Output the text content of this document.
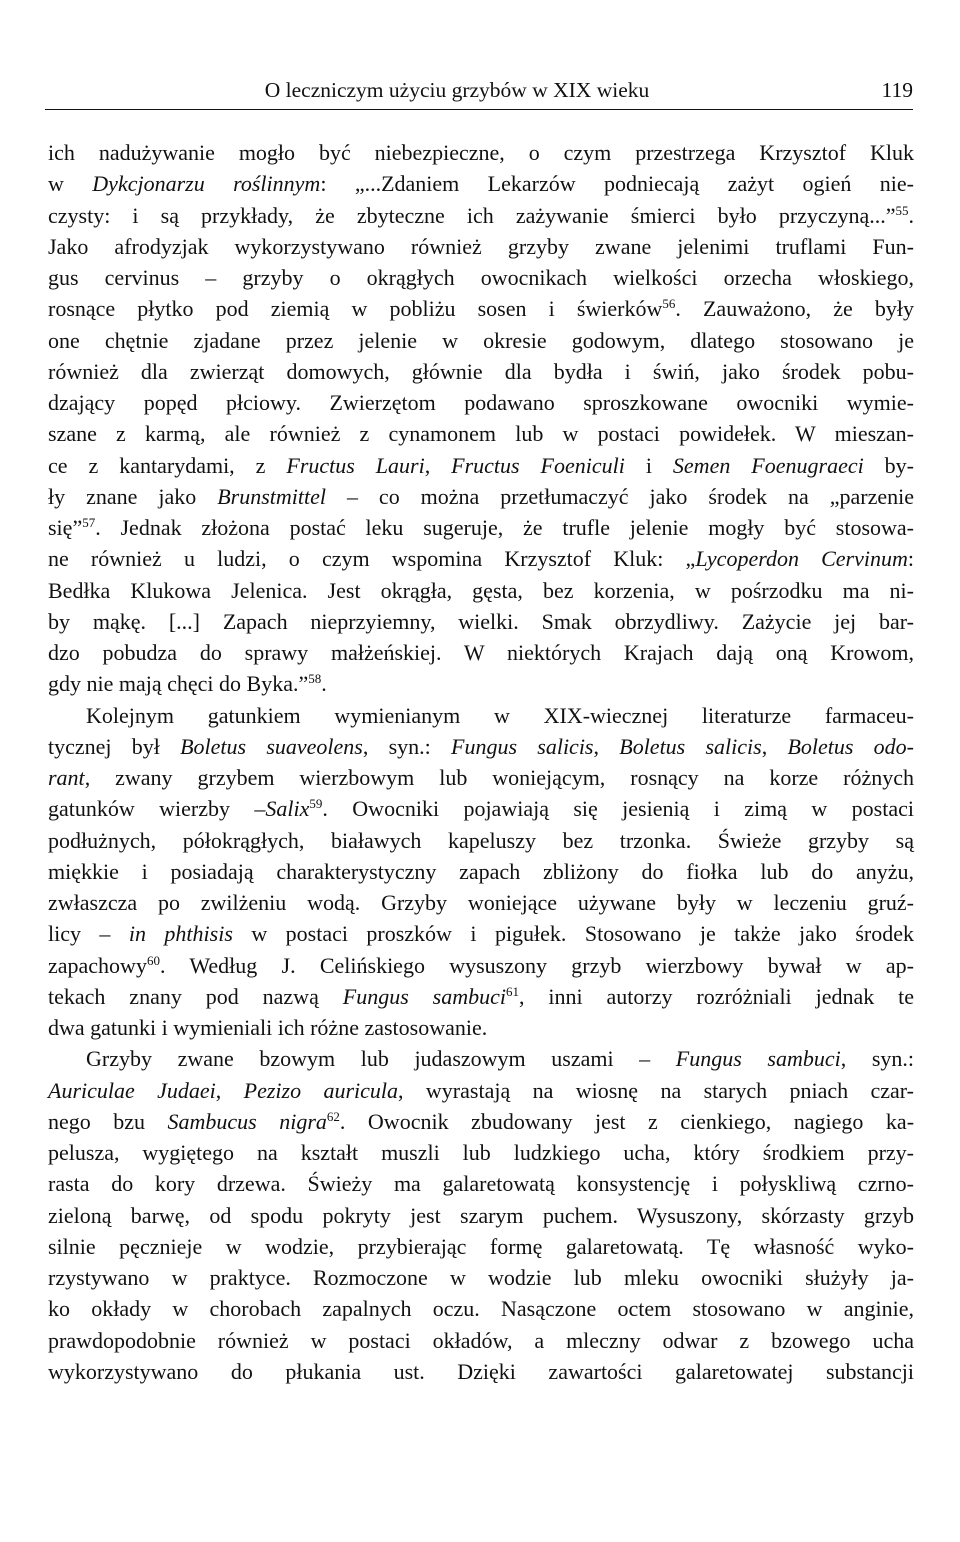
O leczniczym użyciu grzybów w XIX wieku	119
ich nadużywanie mogło być niebezpieczne, o czym przestrzega Krzysztof Kluk
w Dykcjonarzu roślinnym: „...Zdaniem Lekarzów podniecają zażyt ogień nie-
czysty: i są przykłady, że zbyteczne ich zażywanie śmierci było przyczyną...”$^{55}$.
Jako afrodyzjak wykorzystywano również grzyby zwane jelenimi truflami Fun-
gus cervinus – grzyby o okrągłych owocnikach wielkości orzecha włoskiego,
rosnące płytko pod ziemią w pobliżu sosen i świerków$^{56}$. Zauważono, że były
one chętnie zjadane przez jelenie w okresie godowym, dlatego stosowano je
również dla zwierząt domowych, głównie dla bydła i świń, jako środek pobu-
dzający popęd płciowy. Zwierzętom podawano sproszkowane owocniki wymie-
szane z karmą, ale również z cynamonem lub w postaci powidełek. W mieszan-
ce z kantarydami, z Fructus Lauri, Fructus Foeniculi i Semen Foenugraeci by-
ły znane jako Brunstmittel – co można przetłumaczyć jako środek na „parzenie
się”$^{57}$. Jednak złożona postać leku sugeruje, że trufle jelenie mogły być stosowa-
ne również u ludzi, o czym wspomina Krzysztof Kluk: „Lycoperdon Cervinum:
Bedłka Klukowa Jelenica. Jest okrągła, gęsta, bez korzenia, w pośrzodku ma ni-
by mąkę. [...] Zapach nieprzyiemny, wielki. Smak obrzydliwy. Zażycie jej bar-
dzo pobudza do sprawy małżeńskiej. W niektórych Krajach dają oną Krowom,
gdy nie mają chęci do Byka.”$^{58}$.
Kolejnym gatunkiem wymienianym w XIX-wiecznej literaturze farmaceu-
tycznej był Boletus suaveolens, syn.: Fungus salicis, Boletus salicis, Boletus odo-
rant, zwany grzybem wierzbowym lub woniejącym, rosnący na korze różnych
gatunków wierzby –Salix$^{59}$. Owocniki pojawiają się jesienią i zimą w postaci
podłużnych, półokrągłych, białawych kapeluszy bez trzonka. Świeże grzyby są
miękkie i posiadają charakterystyczny zapach zbliżony do fiołka lub do anyżu,
zwłaszcza po zwilżeniu wodą. Grzyby woniejące używane były w leczeniu gruź-
licy – in phthisis w postaci proszków i pigułek. Stosowano je także jako środek
zapachowy$^{60}$. Według J. Celińskiego wysuszony grzyb wierzbowy bywał w ap-
tekach znany pod nazwą Fungus sambuci$^{61}$, inni autorzy rozróżniali jednak te
dwa gatunki i wymieniali ich różne zastosowanie.
Grzyby zwane bzowym lub judaszowym uszami – Fungus sambuci, syn.:
Auriculae Judaei, Pezizo auricula, wyrastają na wiosnę na starych pniach czar-
nego bzu Sambucus nigra$^{62}$. Owocnik zbudowany jest z cienkiego, nagiego ka-
pelusza, wygiętego na kształt muszli lub ludzkiego ucha, który środkiem przy-
rasta do kory drzewa. Świeży ma galaretowatą konsystencję i połyskliwą czrno-
zieloną barwę, od spodu pokryty jest szarym puchem. Wysuszony, skórzasty grzyb
silnie pęcznieje w wodzie, przybierając formę galaretowatą. Tę własność wyko-
rzystywano w praktyce. Rozmoczone w wodzie lub mleku owocniki służyły ja-
ko okłady w chorobach zapalnych oczu. Nasączone octem stosowano w anginie,
prawdopodobnie również w postaci okładów, a mleczny odwar z bzowego ucha
wykorzystywano do płukania ust. Dzięki zawartości galaretowatej substancji
